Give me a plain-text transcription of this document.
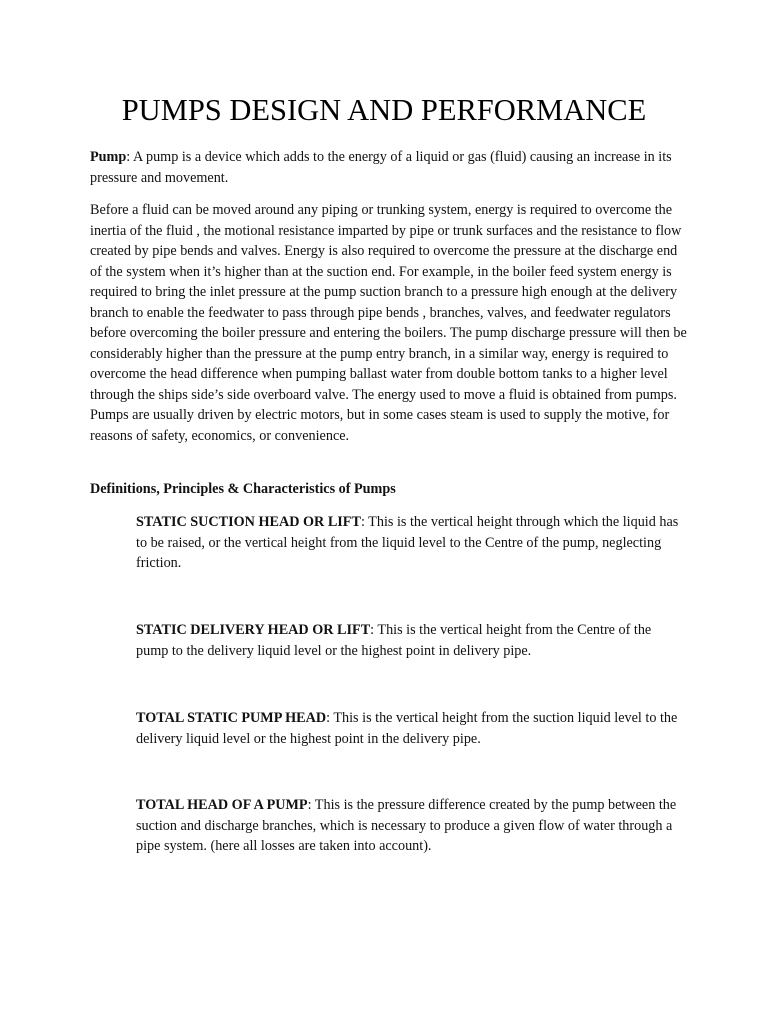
PUMPS DESIGN AND PERFORMANCE

Pump: A pump is a device which adds to the energy of a liquid or gas (fluid) causing an increase in its pressure and movement.

Before a fluid can be moved around any piping or trunking system, energy is required to overcome the inertia of the fluid , the motional resistance imparted by pipe or trunk surfaces and the resistance to flow created by pipe bends and valves. Energy is also required to overcome the pressure at the discharge end of the system when it’s higher than at the suction end. For example, in the boiler feed system energy is required to bring the inlet pressure at the pump suction branch to a pressure high enough at the delivery branch to enable the feedwater to pass through pipe bends , branches, valves, and feedwater regulators before overcoming the boiler pressure and entering the boilers. The pump discharge pressure will then be considerably higher than the pressure at the pump entry branch, in a similar way, energy is required to overcome the head difference when pumping ballast water from double bottom tanks to a higher level through the ships side’s side overboard valve. The energy used to move a fluid is obtained from pumps. Pumps are usually driven by electric motors, but in some cases steam is used to supply the motive, for reasons of safety, economics, or convenience.

Definitions, Principles & Characteristics of Pumps

STATIC SUCTION HEAD OR LIFT: This is the vertical height through which the liquid has to be raised, or the vertical height from the liquid level to the Centre of the pump, neglecting friction.

STATIC DELIVERY HEAD OR LIFT: This is the vertical height from the Centre of the pump to the delivery liquid level or the highest point in delivery pipe.

TOTAL STATIC PUMP HEAD: This is the vertical height from the suction liquid level to the delivery liquid level or the highest point in the delivery pipe.

TOTAL HEAD OF A PUMP: This is the pressure difference created by the pump between the suction and discharge branches, which is necessary to produce a given flow of water through a pipe system. (here all losses are taken into account).
